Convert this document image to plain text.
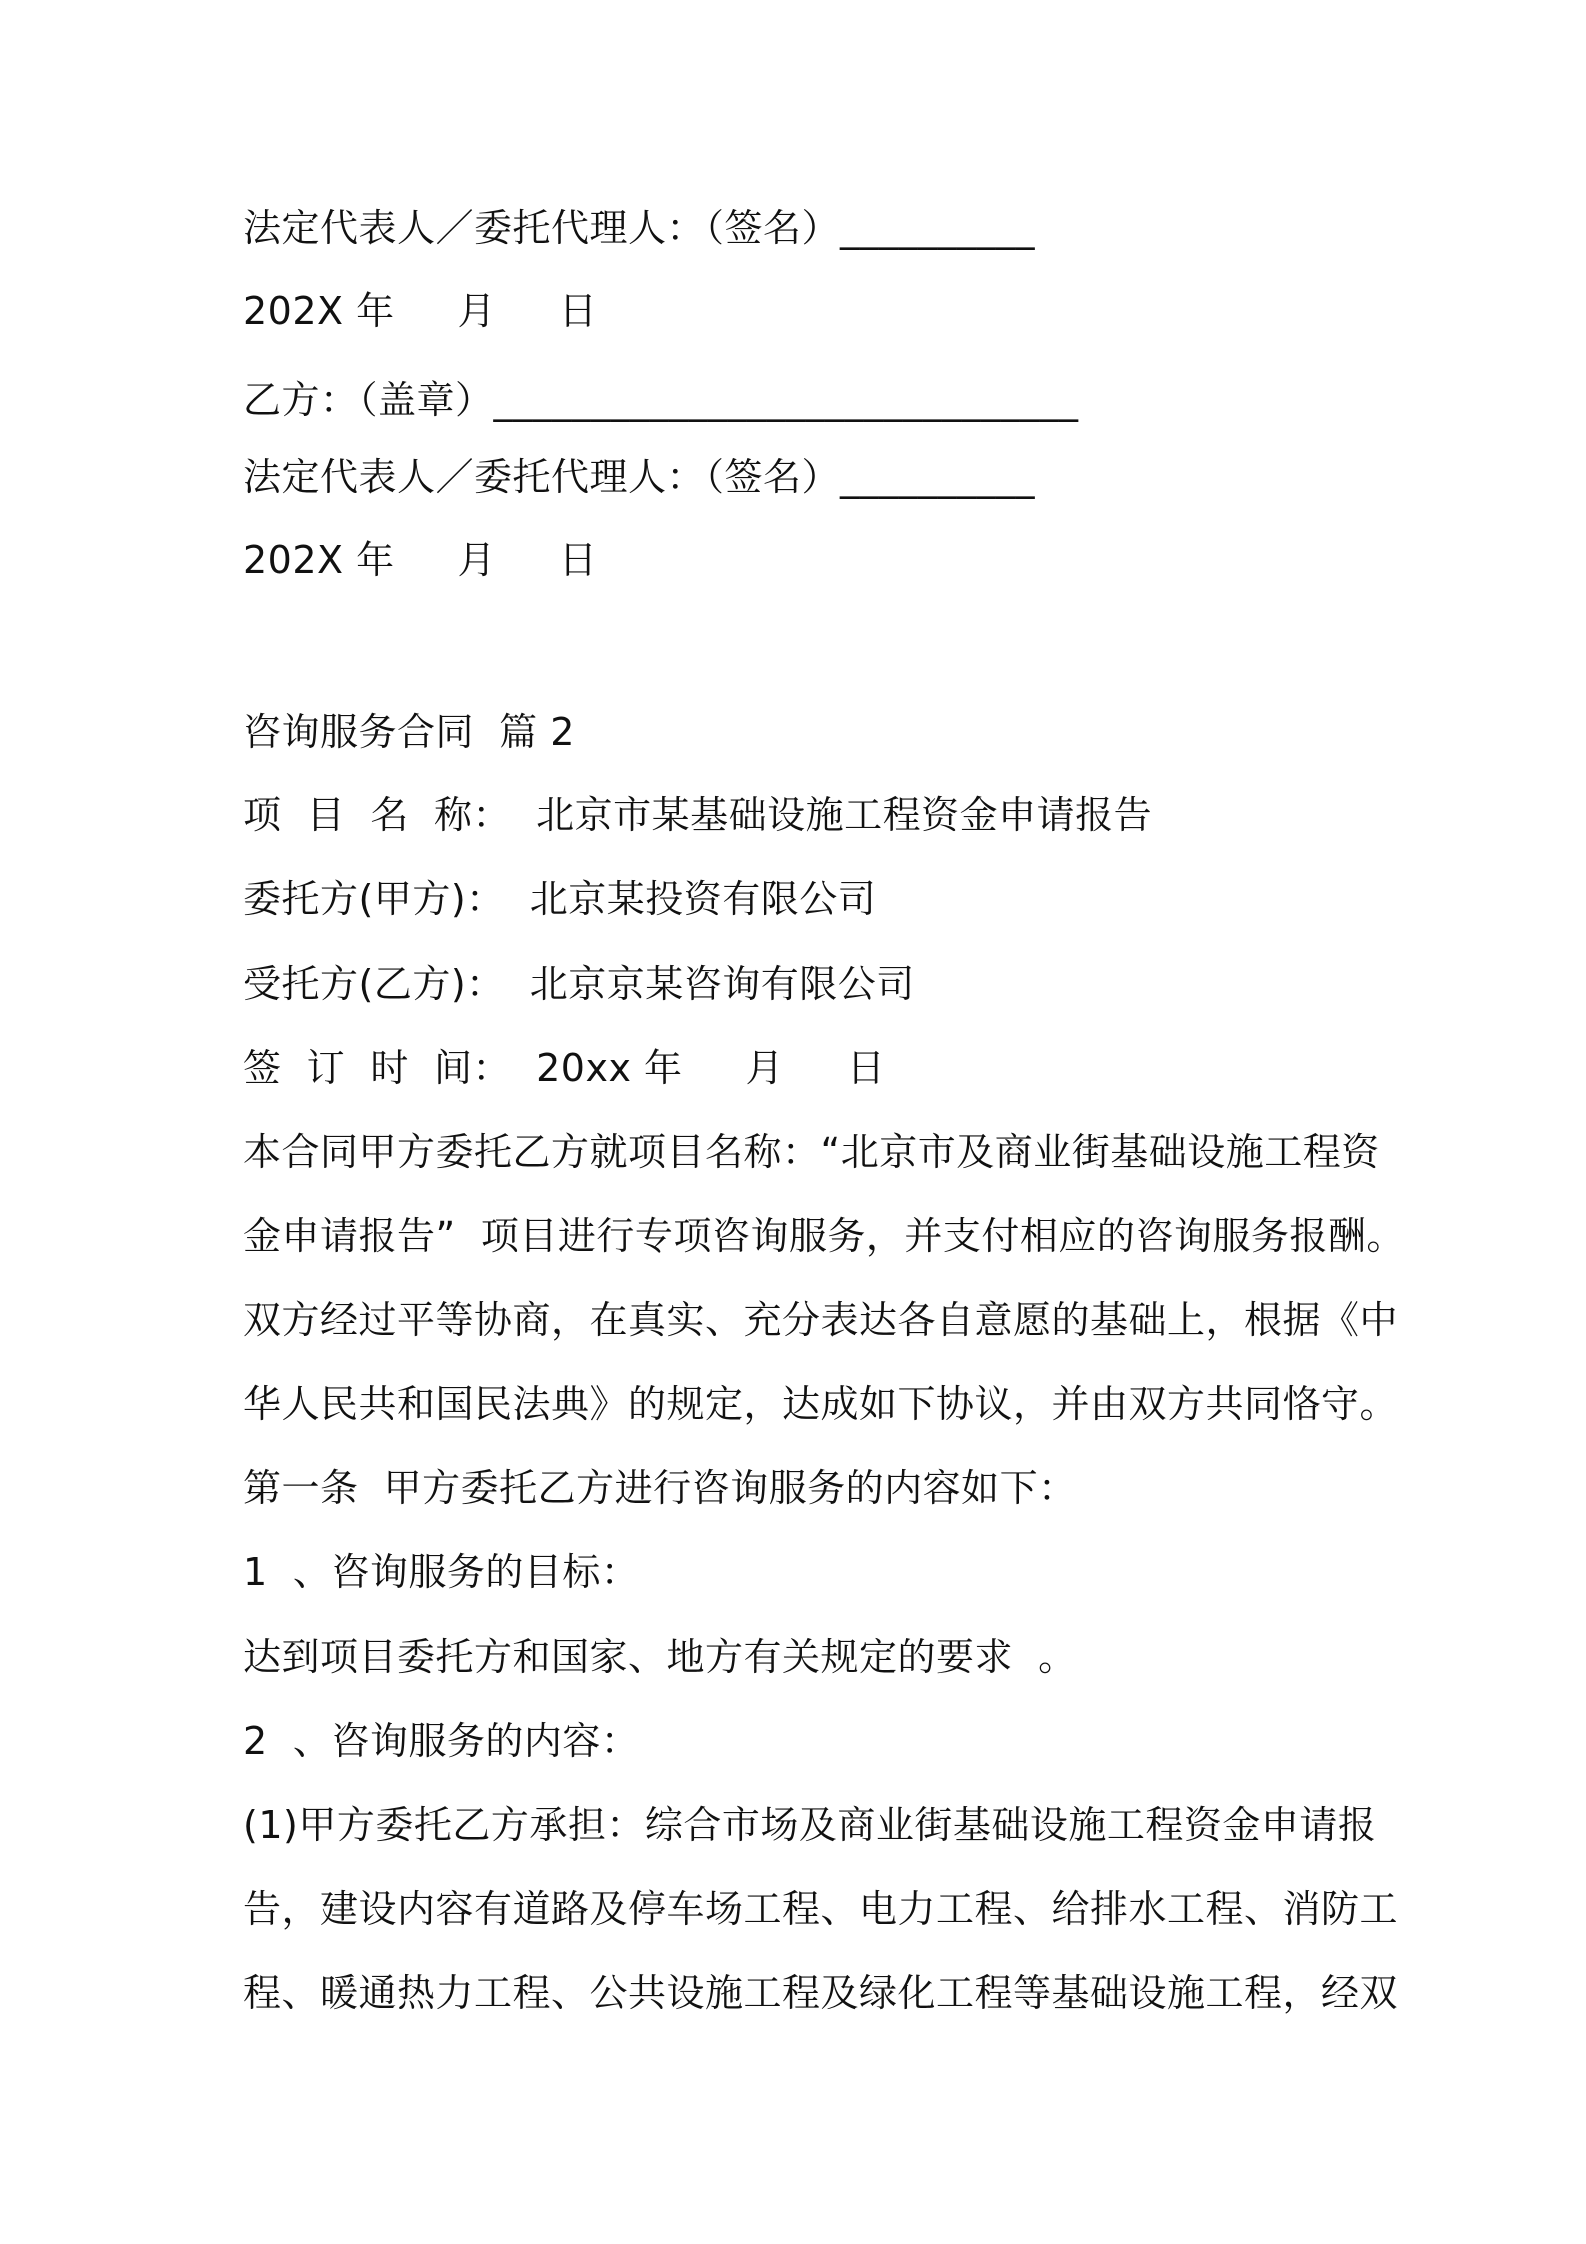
法定代表人／委托代理人：（签名）__________
202X 年     月     日
乙方：（盖章）______________________________
法定代表人／委托代理人：（签名）__________
202X 年     月     日
咨询服务合同  篇 2
项  目  名  称：  北京市某基础设施工程资金申请报告
委托方(甲方)：  北京某投资有限公司
受托方(乙方)：  北京京某咨询有限公司
签  订  时  间：  20xx 年     月     日
本合同甲方委托乙方就项目名称：“北京市及商业街基础设施工程资
金申请报告”  项目进行专项咨询服务，并支付相应的咨询服务报酬。
双方经过平等协商，在真实、充分表达各自意愿的基础上，根据《中
华人民共和国民法典》的规定，达成如下协议，并由双方共同恪守。
第一条  甲方委托乙方进行咨询服务的内容如下：
1  、咨询服务的目标：
达到项目委托方和国家、地方有关规定的要求  。
2  、咨询服务的内容：
(1)甲方委托乙方承担：综合市场及商业街基础设施工程资金申请报
告，建设内容有道路及停车场工程、电力工程、给排水工程、消防工
程、暖通热力工程、公共设施工程及绿化工程等基础设施工程，经双
